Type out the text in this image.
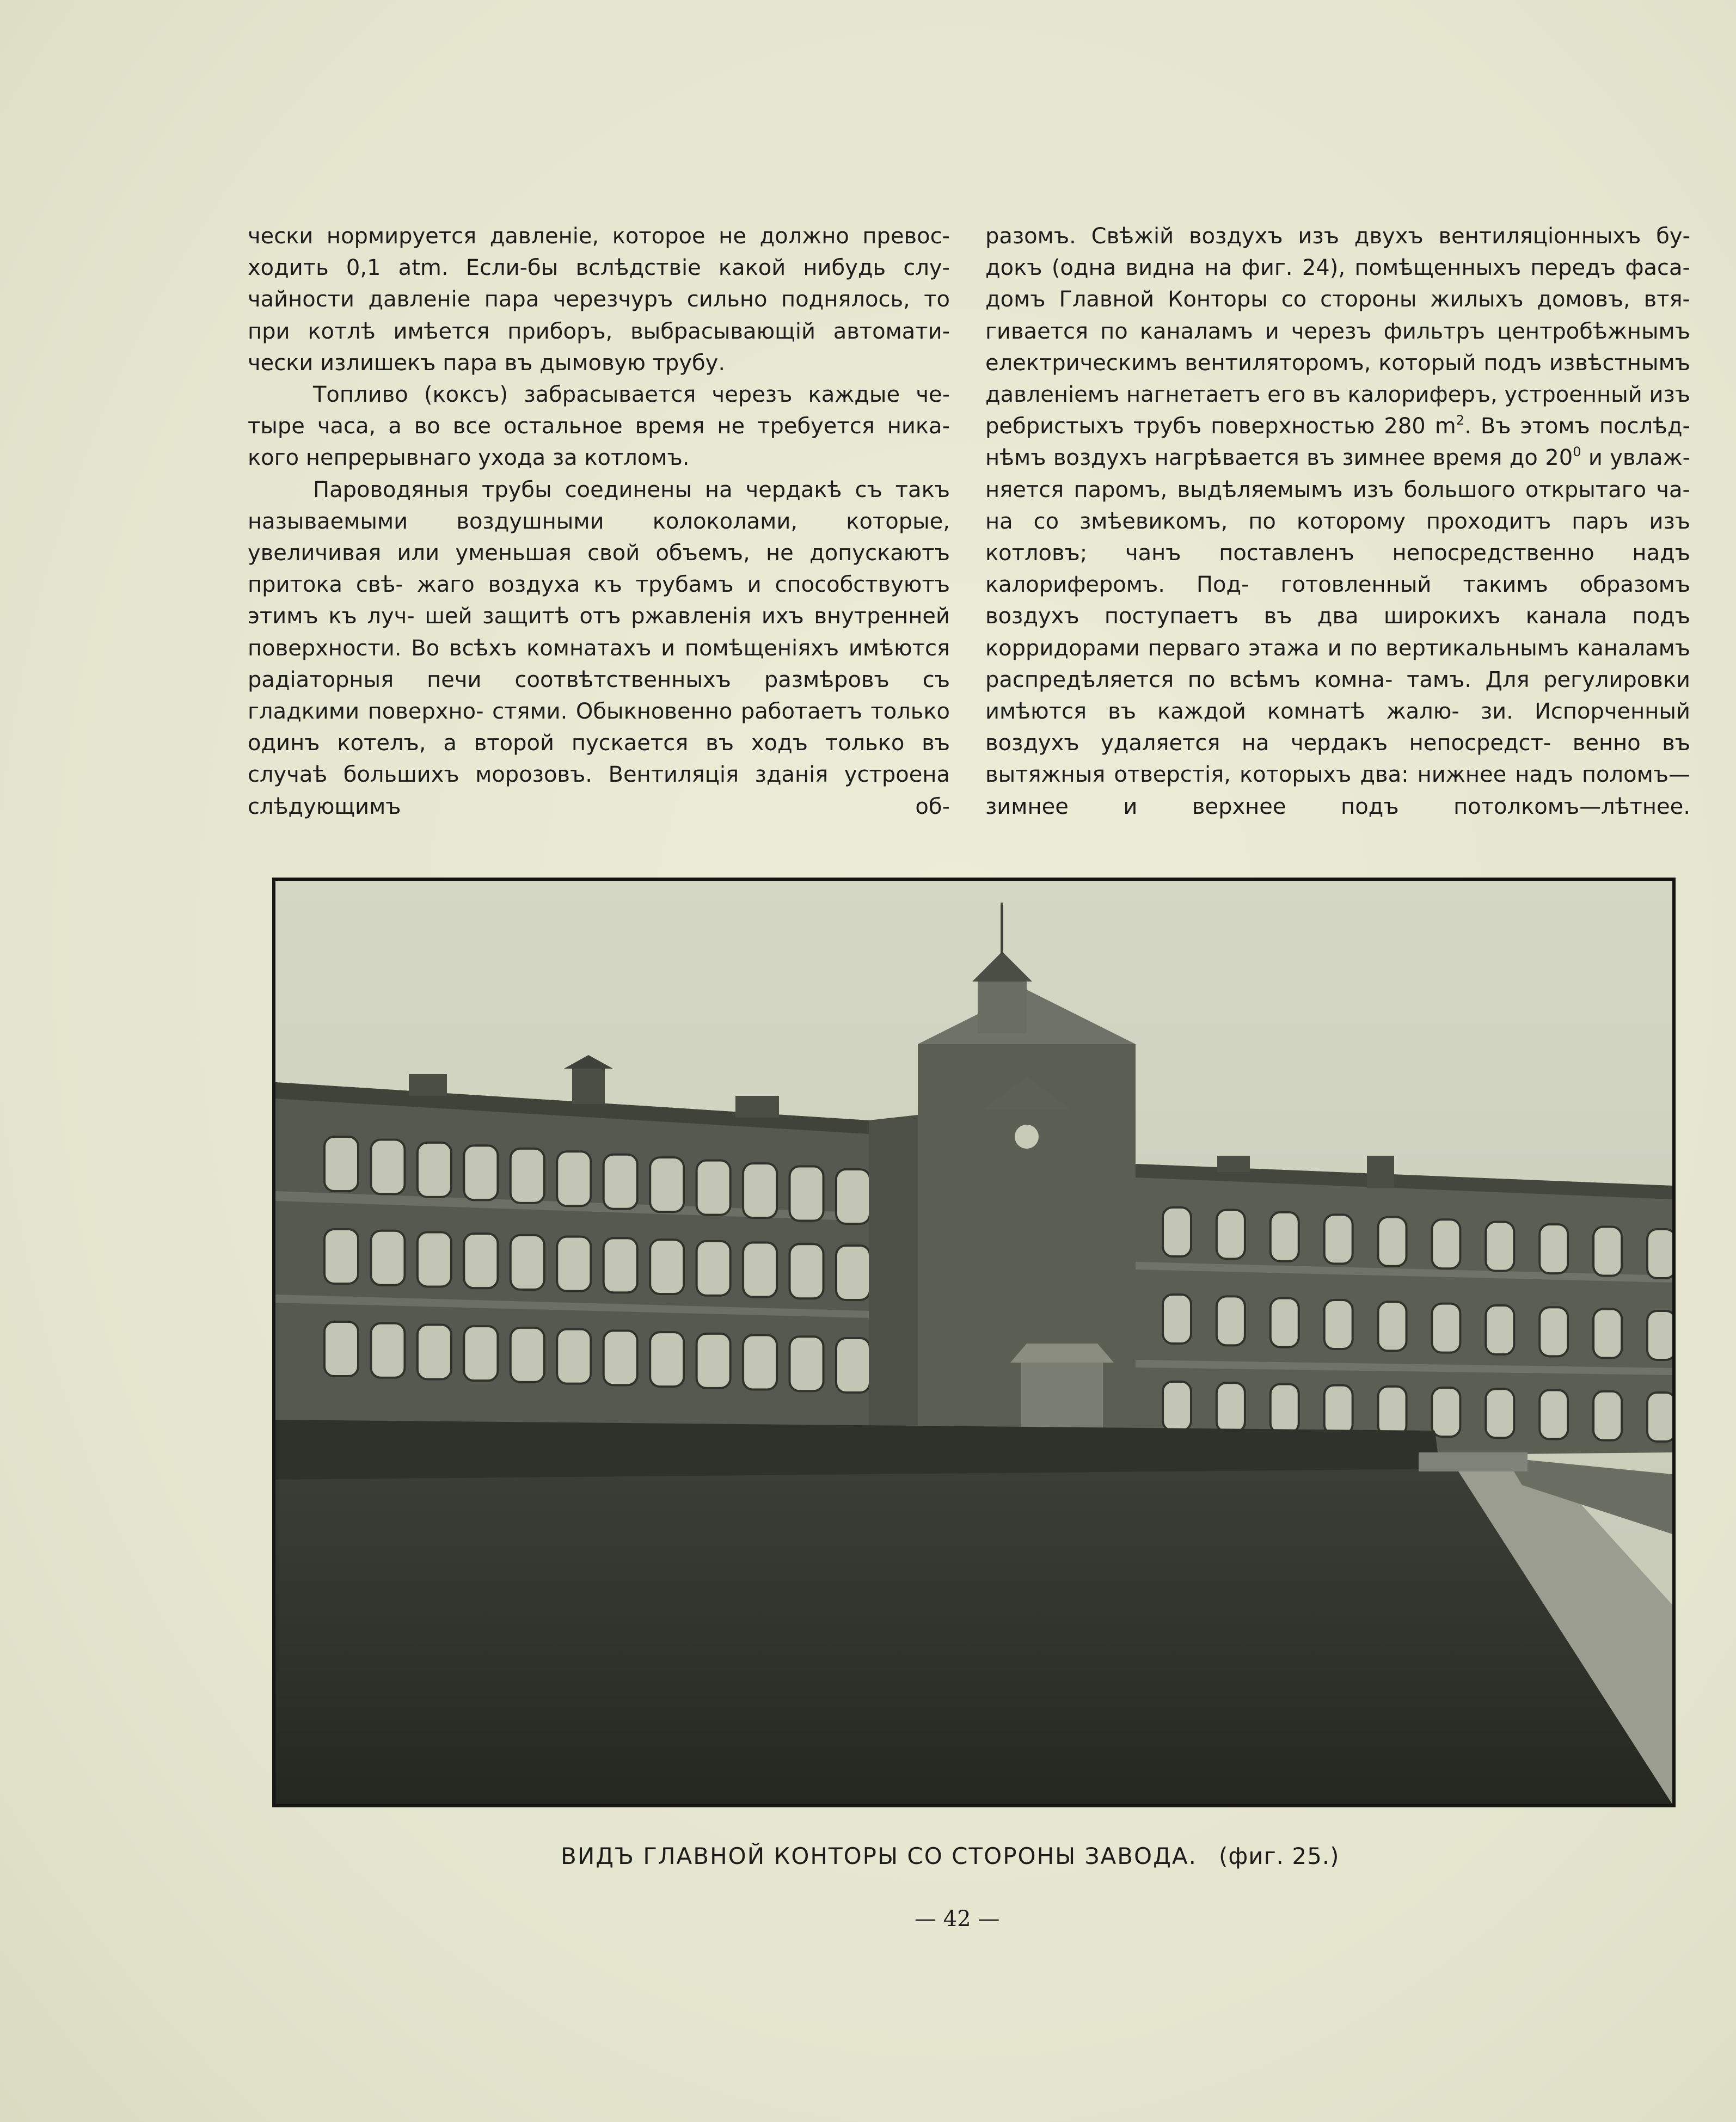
чески нормируется давленіе, которое не должно превос- ходить 0,1 atm. Если-бы вслѣдствіе какой нибудь слу- чайности давленіе пара черезчуръ сильно поднялось, то при котлѣ имѣется приборъ, выбрасывающій автомати- чески излишекъ пара въ дымовую трубу.

Топливо (коксъ) забрасывается черезъ каждые че- тыре часа, а во все остальное время не требуется ника- кого непрерывнаго ухода за котломъ.

Пароводяныя трубы соединены на чердакѣ съ такъ называемыми воздушными колоколами, которые, увеличивая или уменьшая свой объемъ, не допускаютъ притока свѣ- жаго воздуха къ трубамъ и способствуютъ этимъ къ луч- шей защитѣ отъ ржавленія ихъ внутренней поверхности. Во всѣхъ комнатахъ и помѣщеніяхъ имѣются радіаторныя печи соотвѣтственныхъ размѣровъ съ гладкими поверхно- стями. Обыкновенно работаетъ только одинъ котелъ, а второй пускается въ ходъ только въ случаѣ большихъ морозовъ. Вентиляція зданія устроена слѣдующимъ об-

разомъ. Свѣжій воздухъ изъ двухъ вентиляціонныхъ бу- докъ (одна видна на фиг. 24), помѣщенныхъ передъ фаса- домъ Главной Конторы со стороны жилыхъ домовъ, втя- гивается по каналамъ и черезъ фильтръ центробѣжнымъ електрическимъ вентиляторомъ, который подъ извѣстнымъ давленіемъ нагнетаетъ его въ калориферъ, устроенный изъ ребристыхъ трубъ поверхностью 280 $m^2$. Въ этомъ послѣд- нѣмъ воздухъ нагрѣвается въ зимнее время до $20^0$ и увлаж- няется паромъ, выдѣляемымъ изъ большого открытаго ча- на со змѣевикомъ, по которому проходитъ паръ изъ котловъ; чанъ поставленъ непосредственно надъ калориферомъ. Под- готовленный такимъ образомъ воздухъ поступаетъ въ два широкихъ канала подъ корридорами перваго этажа и по вертикальнымъ каналамъ распредѣляется по всѣмъ комна- тамъ. Для регулировки имѣются въ каждой комнатѣ жалю- зи. Испорченный воздухъ удаляется на чердакъ непосредст- венно въ вытяжныя отверстія, которыхъ два: нижнее надъ поломъ—зимнее и верхнее подъ потолкомъ—лѣтнее.

ВИДЪ ГЛАВНОЙ КОНТОРЫ СО СТОРОНЫ ЗАВОДА. (фиг. 25.)
— 42 —
